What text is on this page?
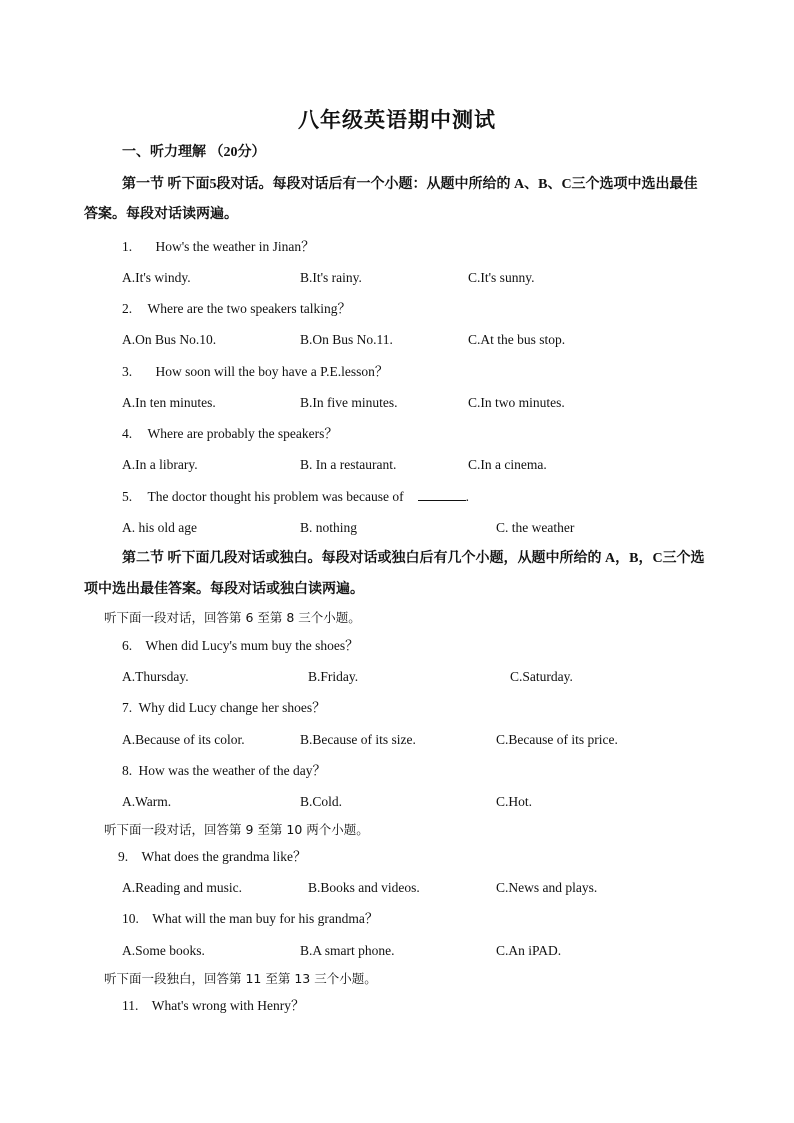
八年级英语期中测试
一、听力理解 （20分）
第一节 听下面5段对话。每段对话后有一个小题：从题中所给的 A、B、C三个选项中选出最佳
答案。每段对话读两遍。
1. How's the weather in Jinan？
A.It's windy.	B.It's rainy.	C.It's sunny.
2. Where are the two speakers talking？
A.On Bus No.10.	B.On Bus No.11.	C.At the bus stop.
3. How soon will the boy have a P.E.lesson？
A.In ten minutes.	B.In five minutes.	C.In two minutes.
4. Where are probably the speakers？
A.In a library.	B. In a restaurant.	C.In a cinema.
5. The doctor thought his problem was because of	.
A. his old age	B. nothing	C. the weather
第二节 听下面几段对话或独白。每段对话或独白后有几个小题，从题中所给的 A，B，C三个选
项中选出最佳答案。每段对话或独白读两遍。
听下面一段对话，回答第 6 至第 8 三个小题。
6. When did Lucy's mum buy the shoes？
A.Thursday.	B.Friday.	C.Saturday.
7. Why did Lucy change her shoes？
A.Because of its color.	B.Because of its size.	C.Because of its price.
8. How was the weather of the day？
A.Warm.	B.Cold.	C.Hot.
听下面一段对话，回答第 9 至第 10 两个小题。
9. What does the grandma like？
A.Reading and music.	B.Books and videos.	C.News and plays.
10. What will the man buy for his grandma？
A.Some books.	B.A smart phone.	C.An iPAD.
听下面一段独白，回答第 11 至第 13 三个小题。
11. What's wrong with Henry？
